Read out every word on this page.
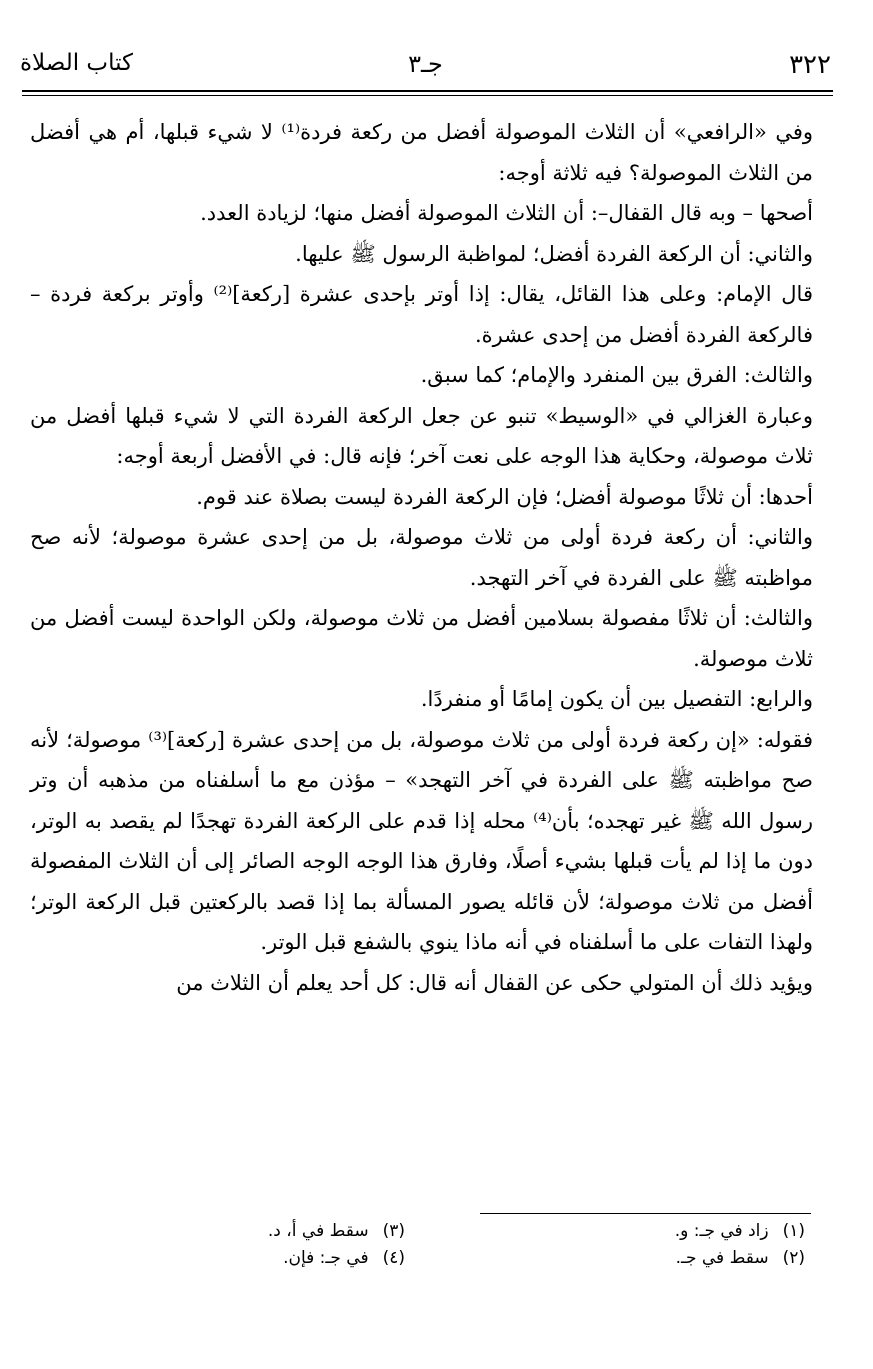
٣٢٢
جـ٣
كتاب الصلاة

وفي «الرافعي» أن الثلاث الموصولة أفضل من ركعة فردة⁽¹⁾ لا شيء قبلها، أم هي أفضل من الثلاث الموصولة؟ فيه ثلاثة أوجه:

أصحها – وبه قال القفال–: أن الثلاث الموصولة أفضل منها؛ لزيادة العدد.

والثاني: أن الركعة الفردة أفضل؛ لمواظبة الرسول ﷺ عليها.

قال الإمام: وعلى هذا القائل، يقال: إذا أوتر بإحدى عشرة [ركعة]⁽²⁾ وأوتر بركعة فردة – فالركعة الفردة أفضل من إحدى عشرة.

والثالث: الفرق بين المنفرد والإمام؛ كما سبق.

وعبارة الغزالي في «الوسيط» تنبو عن جعل الركعة الفردة التي لا شيء قبلها أفضل من ثلاث موصولة، وحكاية هذا الوجه على نعت آخر؛ فإنه قال: في الأفضل أربعة أوجه:

أحدها: أن ثلاثًا موصولة أفضل؛ فإن الركعة الفردة ليست بصلاة عند قوم.

والثاني: أن ركعة فردة أولى من ثلاث موصولة، بل من إحدى عشرة موصولة؛ لأنه صح مواظبته ﷺ على الفردة في آخر التهجد.

والثالث: أن ثلاثًا مفصولة بسلامين أفضل من ثلاث موصولة، ولكن الواحدة ليست أفضل من ثلاث موصولة.

والرابع: التفصيل بين أن يكون إمامًا أو منفردًا.

فقوله: «إن ركعة فردة أولى من ثلاث موصولة، بل من إحدى عشرة [ركعة]⁽³⁾ موصولة؛ لأنه صح مواظبته ﷺ على الفردة في آخر التهجد» – مؤذن مع ما أسلفناه من مذهبه أن وتر رسول الله ﷺ غير تهجده؛ بأن⁽⁴⁾ محله إذا قدم على الركعة الفردة تهجدًا لم يقصد به الوتر، دون ما إذا لم يأت قبلها بشيء أصلًا، وفارق هذا الوجه الوجه الصائر إلى أن الثلاث المفصولة أفضل من ثلاث موصولة؛ لأن قائله يصور المسألة بما إذا قصد بالركعتين قبل الركعة الوتر؛ ولهذا التفات على ما أسلفناه في أنه ماذا ينوي بالشفع قبل الوتر.

ويؤيد ذلك أن المتولي حكى عن القفال أنه قال: كل أحد يعلم أن الثلاث من

(١)زاد في جـ: و.
(٢)سقط في جـ.
(٣)سقط في أ، د.
(٤)في جـ: فإن.
